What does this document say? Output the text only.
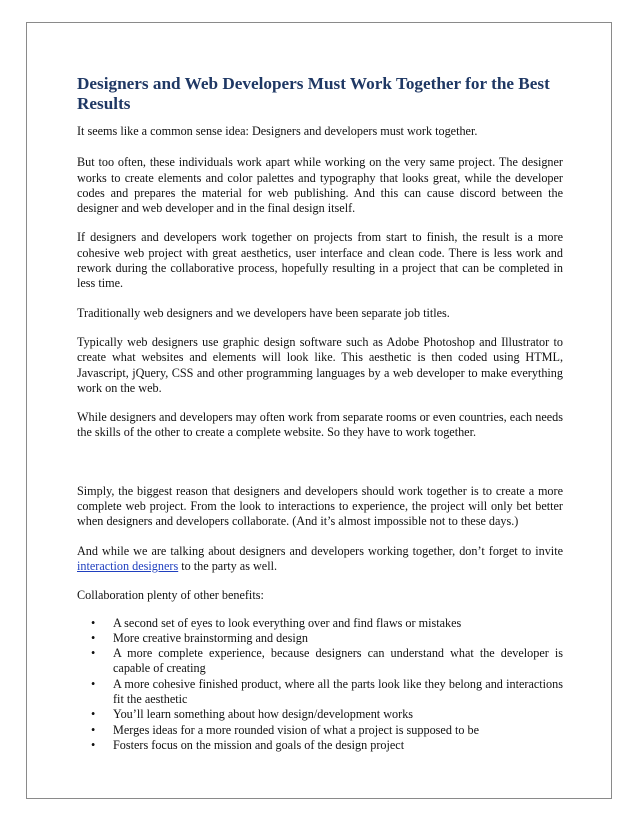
Designers and Web Developers Must Work Together for the Best Results

It seems like a common sense idea: Designers and developers must work together.

But too often, these individuals work apart while working on the very same project. The designer works to create elements and color palettes and typography that looks great, while the developer codes and prepares the material for web publishing. And this can cause discord between the designer and web developer and in the final design itself.

If designers and developers work together on projects from start to finish, the result is a more cohesive web project with great aesthetics, user interface and clean code. There is less work and rework during the collaborative process, hopefully resulting in a project that can be completed in less time.

Traditionally web designers and we developers have been separate job titles.

Typically web designers use graphic design software such as Adobe Photoshop and Illustrator to create what websites and elements will look like. This aesthetic is then coded using HTML, Javascript, jQuery, CSS and other programming languages by a web developer to make everything work on the web.

While designers and developers may often work from separate rooms or even countries, each needs the skills of the other to create a complete website. So they have to work together.

Simply, the biggest reason that designers and developers should work together is to create a more complete web project. From the look to interactions to experience, the project will only bet better when designers and developers collaborate. (And it’s almost impossible not to these days.)

And while we are talking about designers and developers working together, don’t forget to invite interaction designers to the party as well.

Collaboration plenty of other benefits:

• A second set of eyes to look everything over and find flaws or mistakes
• More creative brainstorming and design
• A more complete experience, because designers can understand what the developer is capable of creating
• A more cohesive finished product, where all the parts look like they belong and interactions fit the aesthetic
• You’ll learn something about how design/development works
• Merges ideas for a more rounded vision of what a project is supposed to be
• Fosters focus on the mission and goals of the design project
